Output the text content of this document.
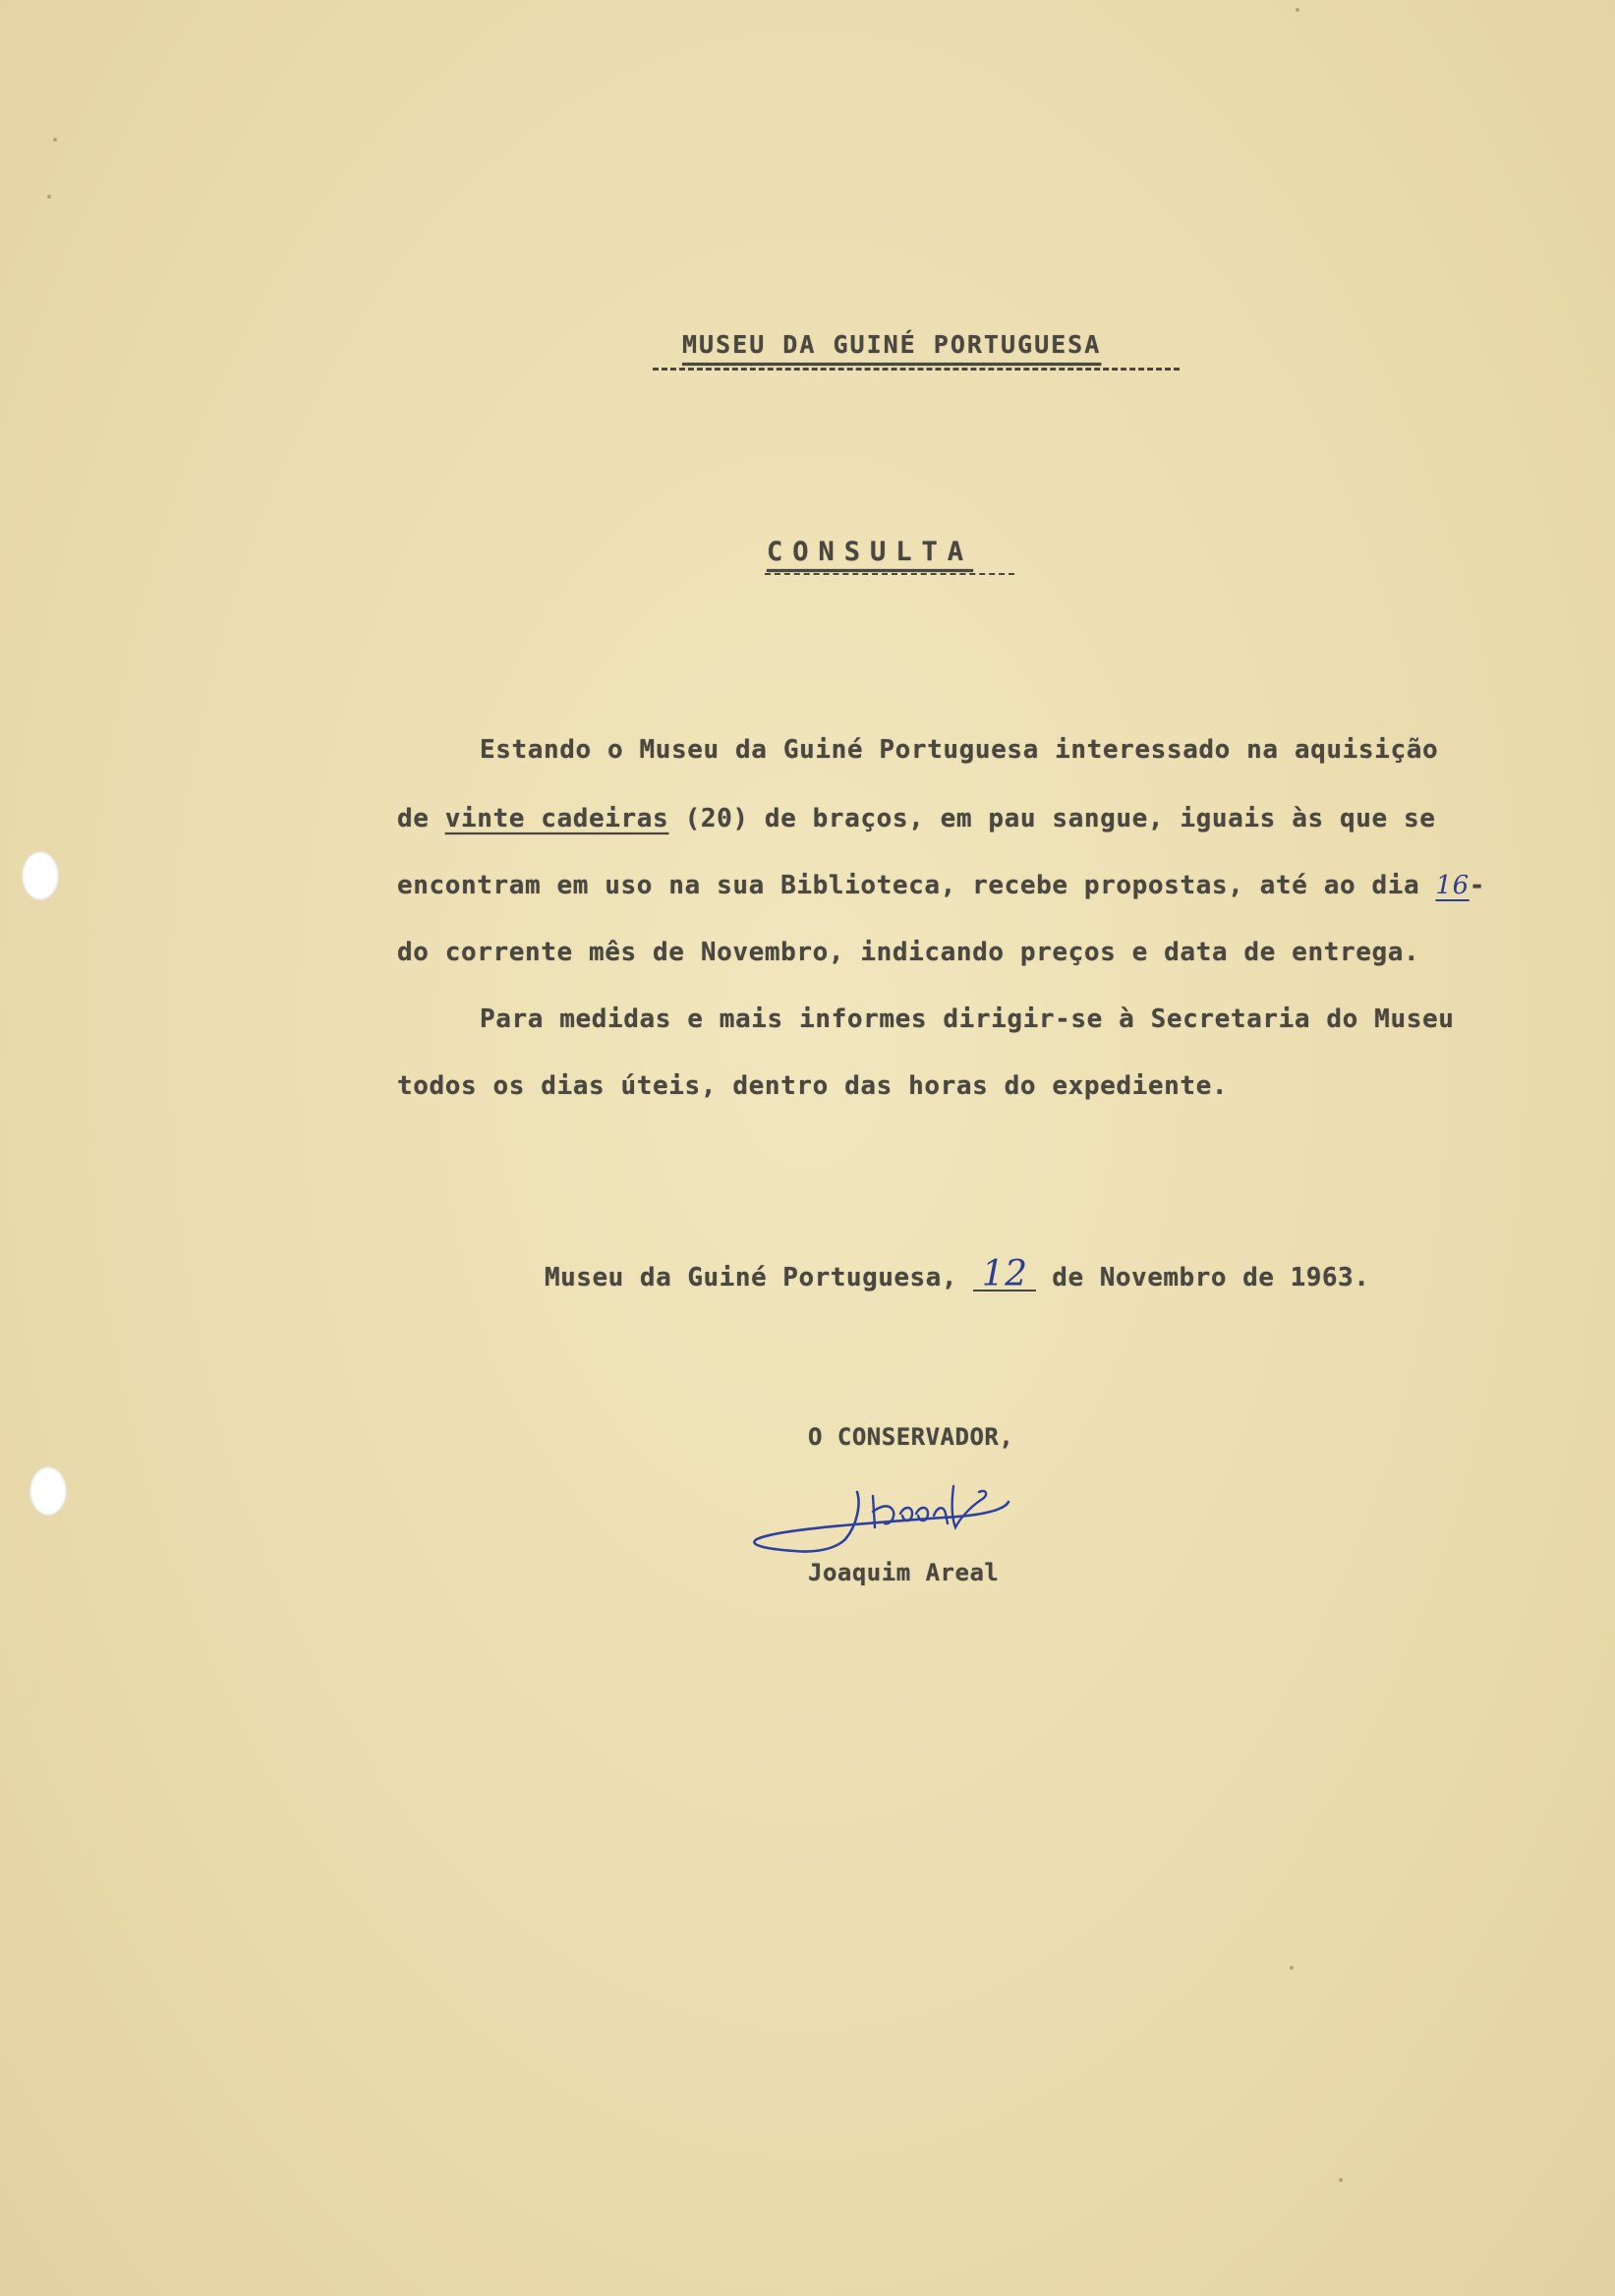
MUSEU DA GUINÉ PORTUGUESA
CONSULTA
Estando o Museu da Guiné Portuguesa interessado na aquisição
de vinte cadeiras (20) de braços, em pau sangue, iguais às que se
encontram em uso na sua Biblioteca, recebe propostas, até ao dia 16-
do corrente mês de Novembro, indicando preços e data de entrega.
Para medidas e mais informes dirigir-se à Secretaria do Museu
todos os dias úteis, dentro das horas do expediente.
Museu da Guiné Portuguesa, 12 de Novembro de 1963.
O CONSERVADOR,
Joaquim Areal
